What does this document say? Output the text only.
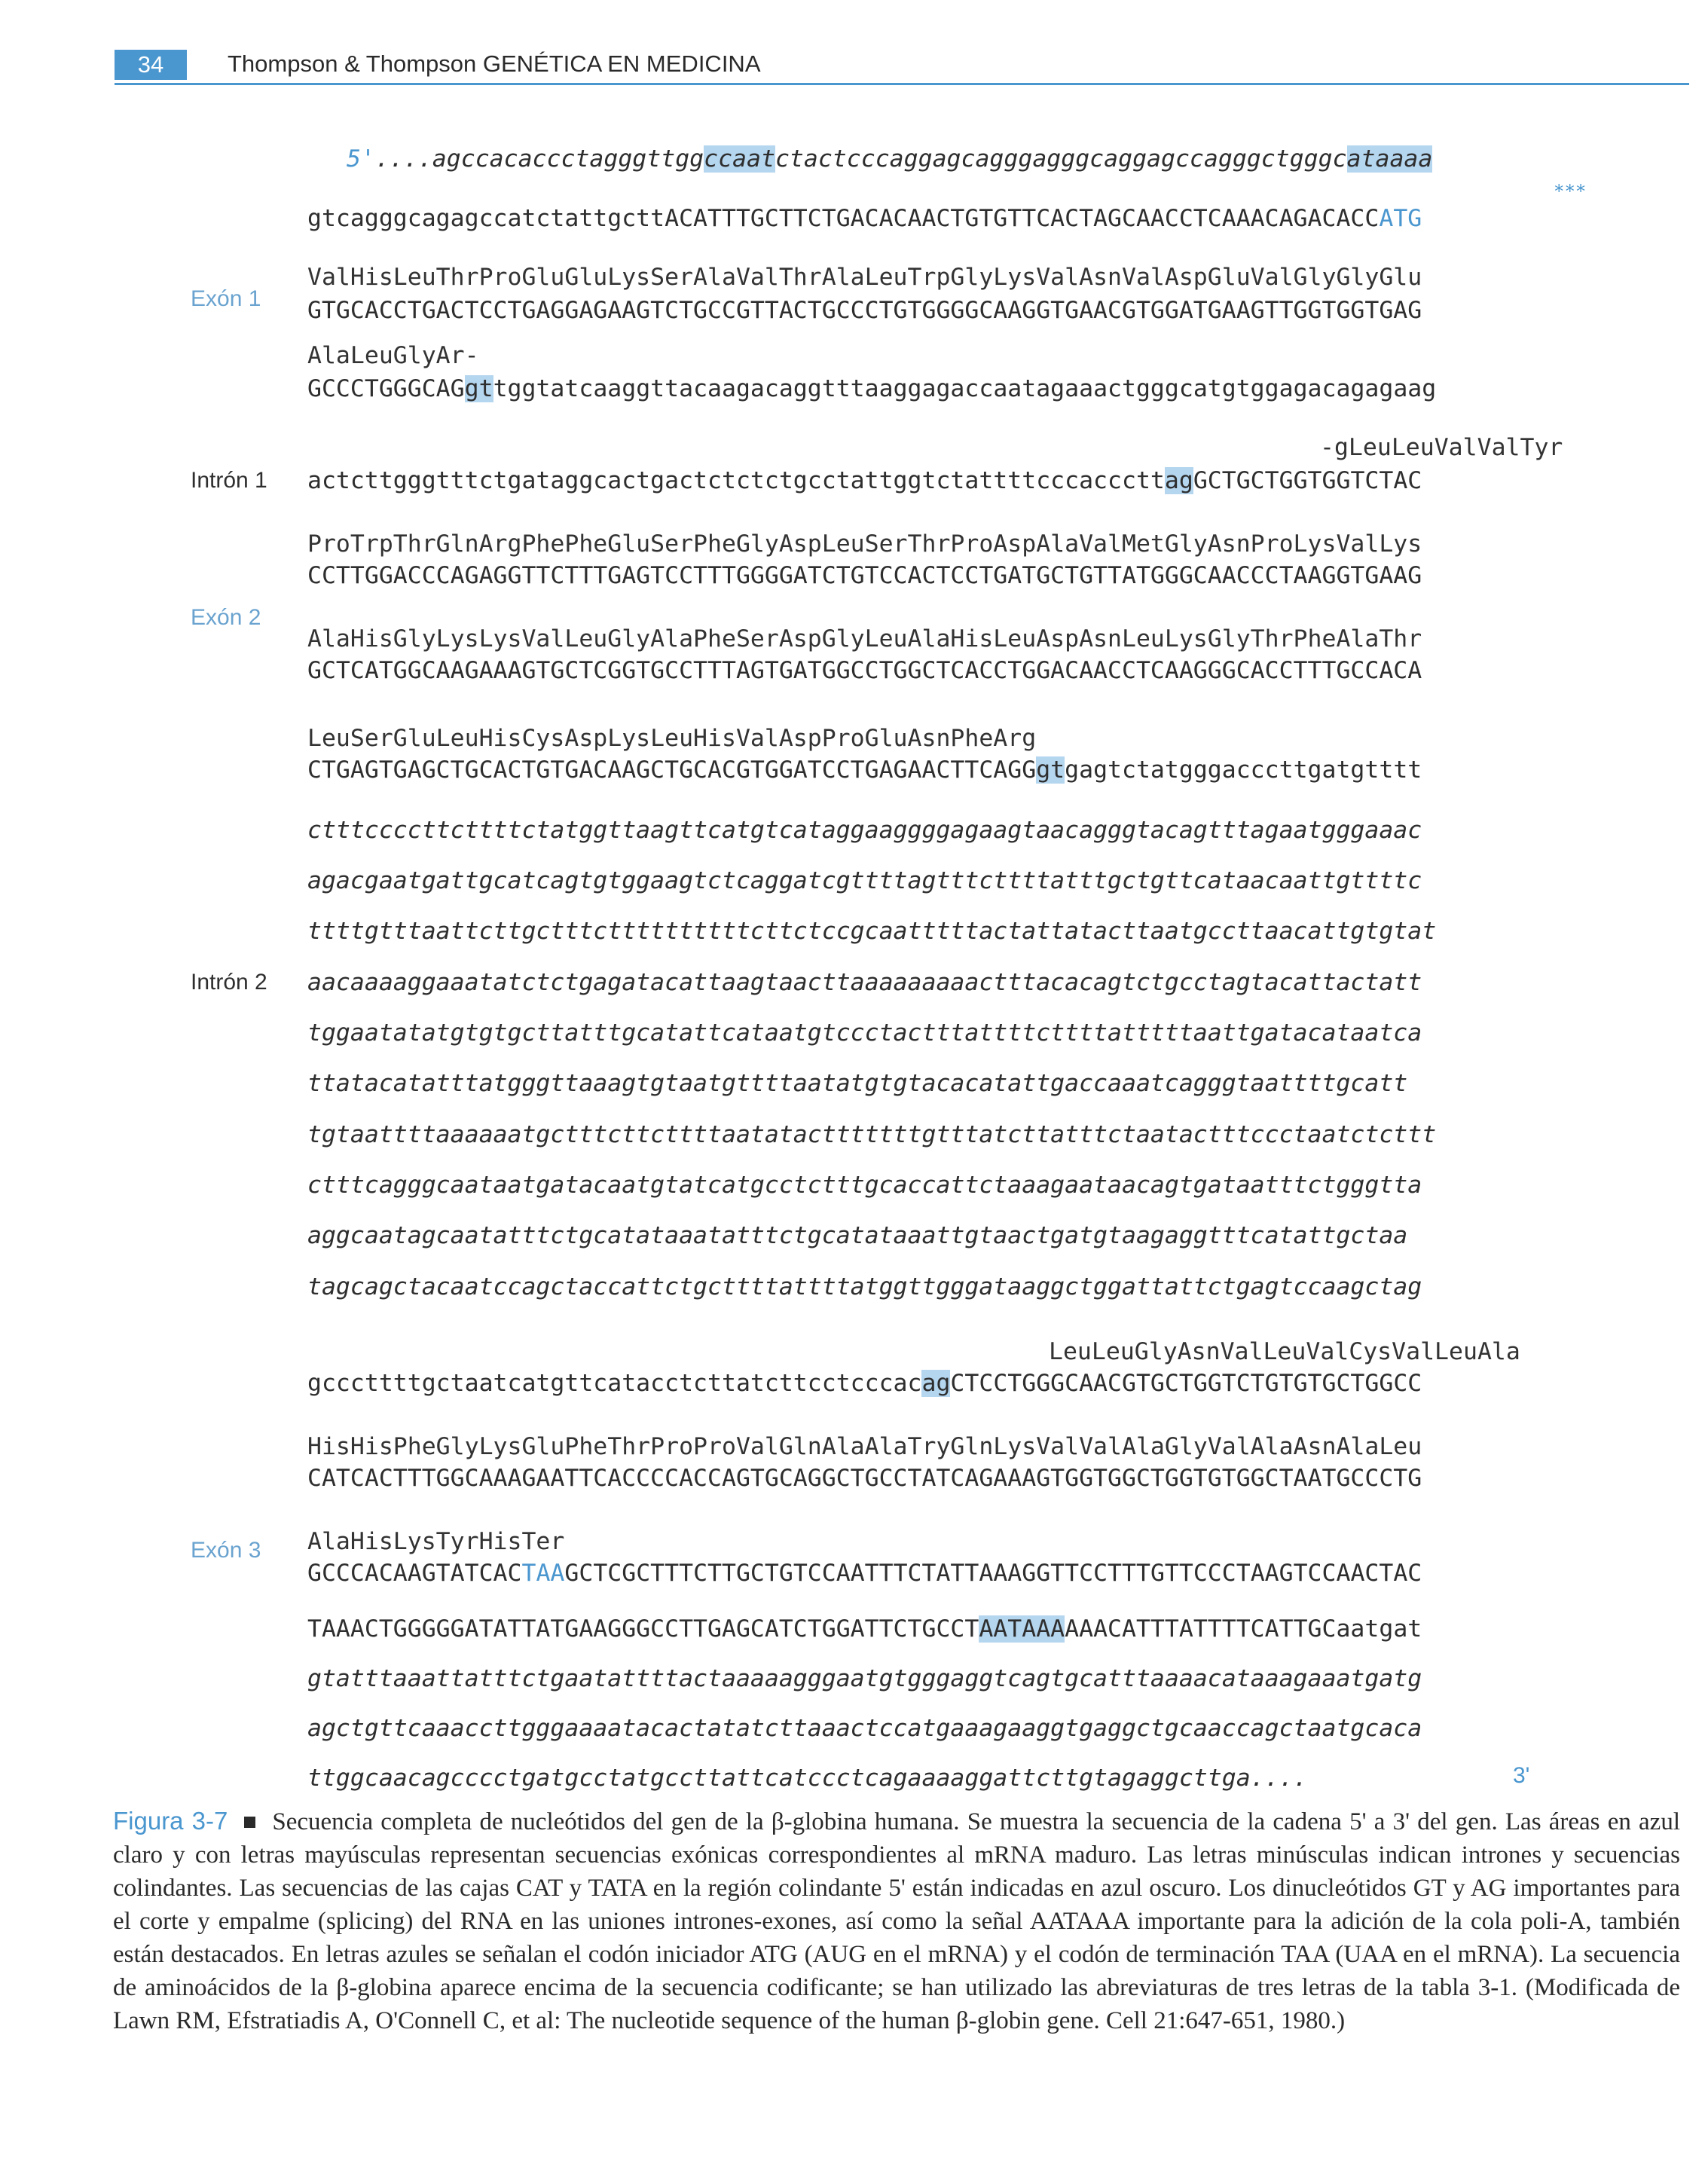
34	Thompson & Thompson GENÉTICA EN MEDICINA
5'....agccacaccctagggttggccaatctactcccaggagcagggagggcaggagccagggctgggcataaaa
***
gtcagggcagagccatctattgcttACATTTGCTTCTGACACAACTGTGTTCACTAGCAACCTCAAACAGACACCATG
Exón 1
ValHisLeuThrProGluGluLysSerAlaValThrAlaLeuTrpGlyLysValAsnValAspGluValGlyGlyGlu
GTGCACCTGACTCCTGAGGAGAAGTCTGCCGTTACTGCCCTGTGGGGCAAGGTGAACGTGGATGAAGTTGGTGGTGAG
AlaLeuGlyAr-
GCCCTGGGCAGgttggtatcaaggttacaagacaggtttaaggagaccaatagaaactgggcatgtggagacagagaag
-gLeuLeuValValTyr
Intrón 1 actcttgggtttctgataggcactgactctctctgcctattggtctattttcccacccttagGCTGCTGGTGGTCTAC
ProTrpThrGlnArgPhePheGluSerPheGlyAspLeuSerThrProAspAlaValMetGlyAsnProLysValLys
CCTTGGACCCAGAGGTTCTTTGAGTCCTTTGGGGATCTGTCCACTCCTGATGCTGTTATGGGCAACCCTAAGGTGAAG
Exón 2
AlaHisGlyLysLysValLeuGlyAlaPheSerAspGlyLeuAlaHisLeuAspAsnLeuLysGlyThrPheAlaThr
GCTCATGGCAAGAAAGTGCTCGGTGCCTTTAGTGATGGCCTGGCTCACCTGGACAACCTCAAGGGCACCTTTGCCACA
LeuSerGluLeuHisCysAspLysLeuHisValAspProGluAsnPheArg
CTGAGTGAGCTGCACTGTGACAAGCTGCACGTGGATCCTGAGAACTTCAGGgtgagtctatgggacccttgatgtttt
Intrón 2
ctttccccttcttttctatggttaagttcatgtcataggaaggggagaagtaacagggtacagtttagaatgggaaac
agacgaatgattgcatcagtgtggaagtctcaggatcgttttagtttcttttatttgctgttcataacaattgttttc
ttttgtttaattcttgctttcttttttttttcttctccgcaatttttactattatacttaatgccttaacattgtgtat
aacaaaaggaaatatctctgagatacattaagtaacttaaaaaaaaactttacacagtctgcctagtacattactatt
tggaatatatgtgtgcttatttgcatattcataatgtccctactttattttcttttatttttaattgatacataatca
ttatacatatttatgggttaaagtgtaatgttttaatatgtgtacacatattgaccaaatcagggtaattttgcatt
tgtaattttaaaaaatgctttcttcttttaatatactttttttgtttatcttatttctaatactttccctaatctcttt
ctttcagggcaataatgatacaatgtatcatgcctctttgcaccattctaaagaataacagtgataatttctgggtta
aggcaatagcaatatttctgcatataaatatttctgcatataaattgtaactgatgtaagaggtttcatattgctaa
tagcagctacaatccagctaccattctgcttttattttatggttgggataaggctggattattctgagtccaagctag
LeuLeuGlyAsnValLeuValCysValLeuAla
gcccttttgctaatcatgttcatacctcttatcttcctcccacagCTCCTGGGCAACGTGCTGGTCTGTGTGCTGGCC
HisHisPheGlyLysGluPheThrProProValGlnAlaAlaTryGlnLysValValAlaGlyValAlaAsnAlaLeu
CATCACTTTGGCAAAGAATTCACCCCACCAGTGCAGGCTGCCTATCAGAAAGTGGTGGCTGGTGTGGCTAATGCCCTG
Exón 3 AlaHisLysTyrHisTer
GCCCACAAGTATCACTAAGCTCGCTTTCTTGCTGTCCAATTTCTATTAAAGGTTCCTTTGTTCCCTAAGTCCAACTAC
TAAACTGGGGGATATTATGAAGGGCCTTGAGCATCTGGATTCTGCCTAATAAAAAACATTTATTTTCATTGCaatgat
gtatttaaattatttctgaatattttactaaaaagggaatgtgggaggtcagtgcatttaaaacataaagaaatgatg
agctgttcaaaccttgggaaaatacactatatcttaaactccatgaaagaaggtgaggctgcaaccagctaatgcaca
ttggcaacagcccctgatgcctatgccttattcatccctcagaaaaggattcttgtagaggcttga....	3'
Figura 3-7 Secuencia completa de nucleótidos del gen de la β-globina humana. Se muestra la secuencia de la cadena 5' a 3' del gen. Las áreas en azul claro y con letras mayúsculas representan secuencias exónicas correspondientes al mRNA maduro. Las letras minúsculas indican intrones y secuencias colindantes. Las secuencias de las cajas CAT y TATA en la región colindante 5' están indicadas en azul oscuro. Los dinucleótidos GT y AG importantes para el corte y empalme (splicing) del RNA en las uniones intrones-exones, así como la señal AATAAA importante para la adición de la cola poli-A, también están destacados. En letras azules se señalan el codón iniciador ATG (AUG en el mRNA) y el codón de terminación TAA (UAA en el mRNA). La secuencia de aminoácidos de la β-globina aparece encima de la secuencia codificante; se han utilizado las abreviaturas de tres letras de la tabla 3-1. (Modificada de Lawn RM, Efstratiadis A, O'Connell C, et al: The nucleotide sequence of the human β-globin gene. Cell 21:647-651, 1980.)
